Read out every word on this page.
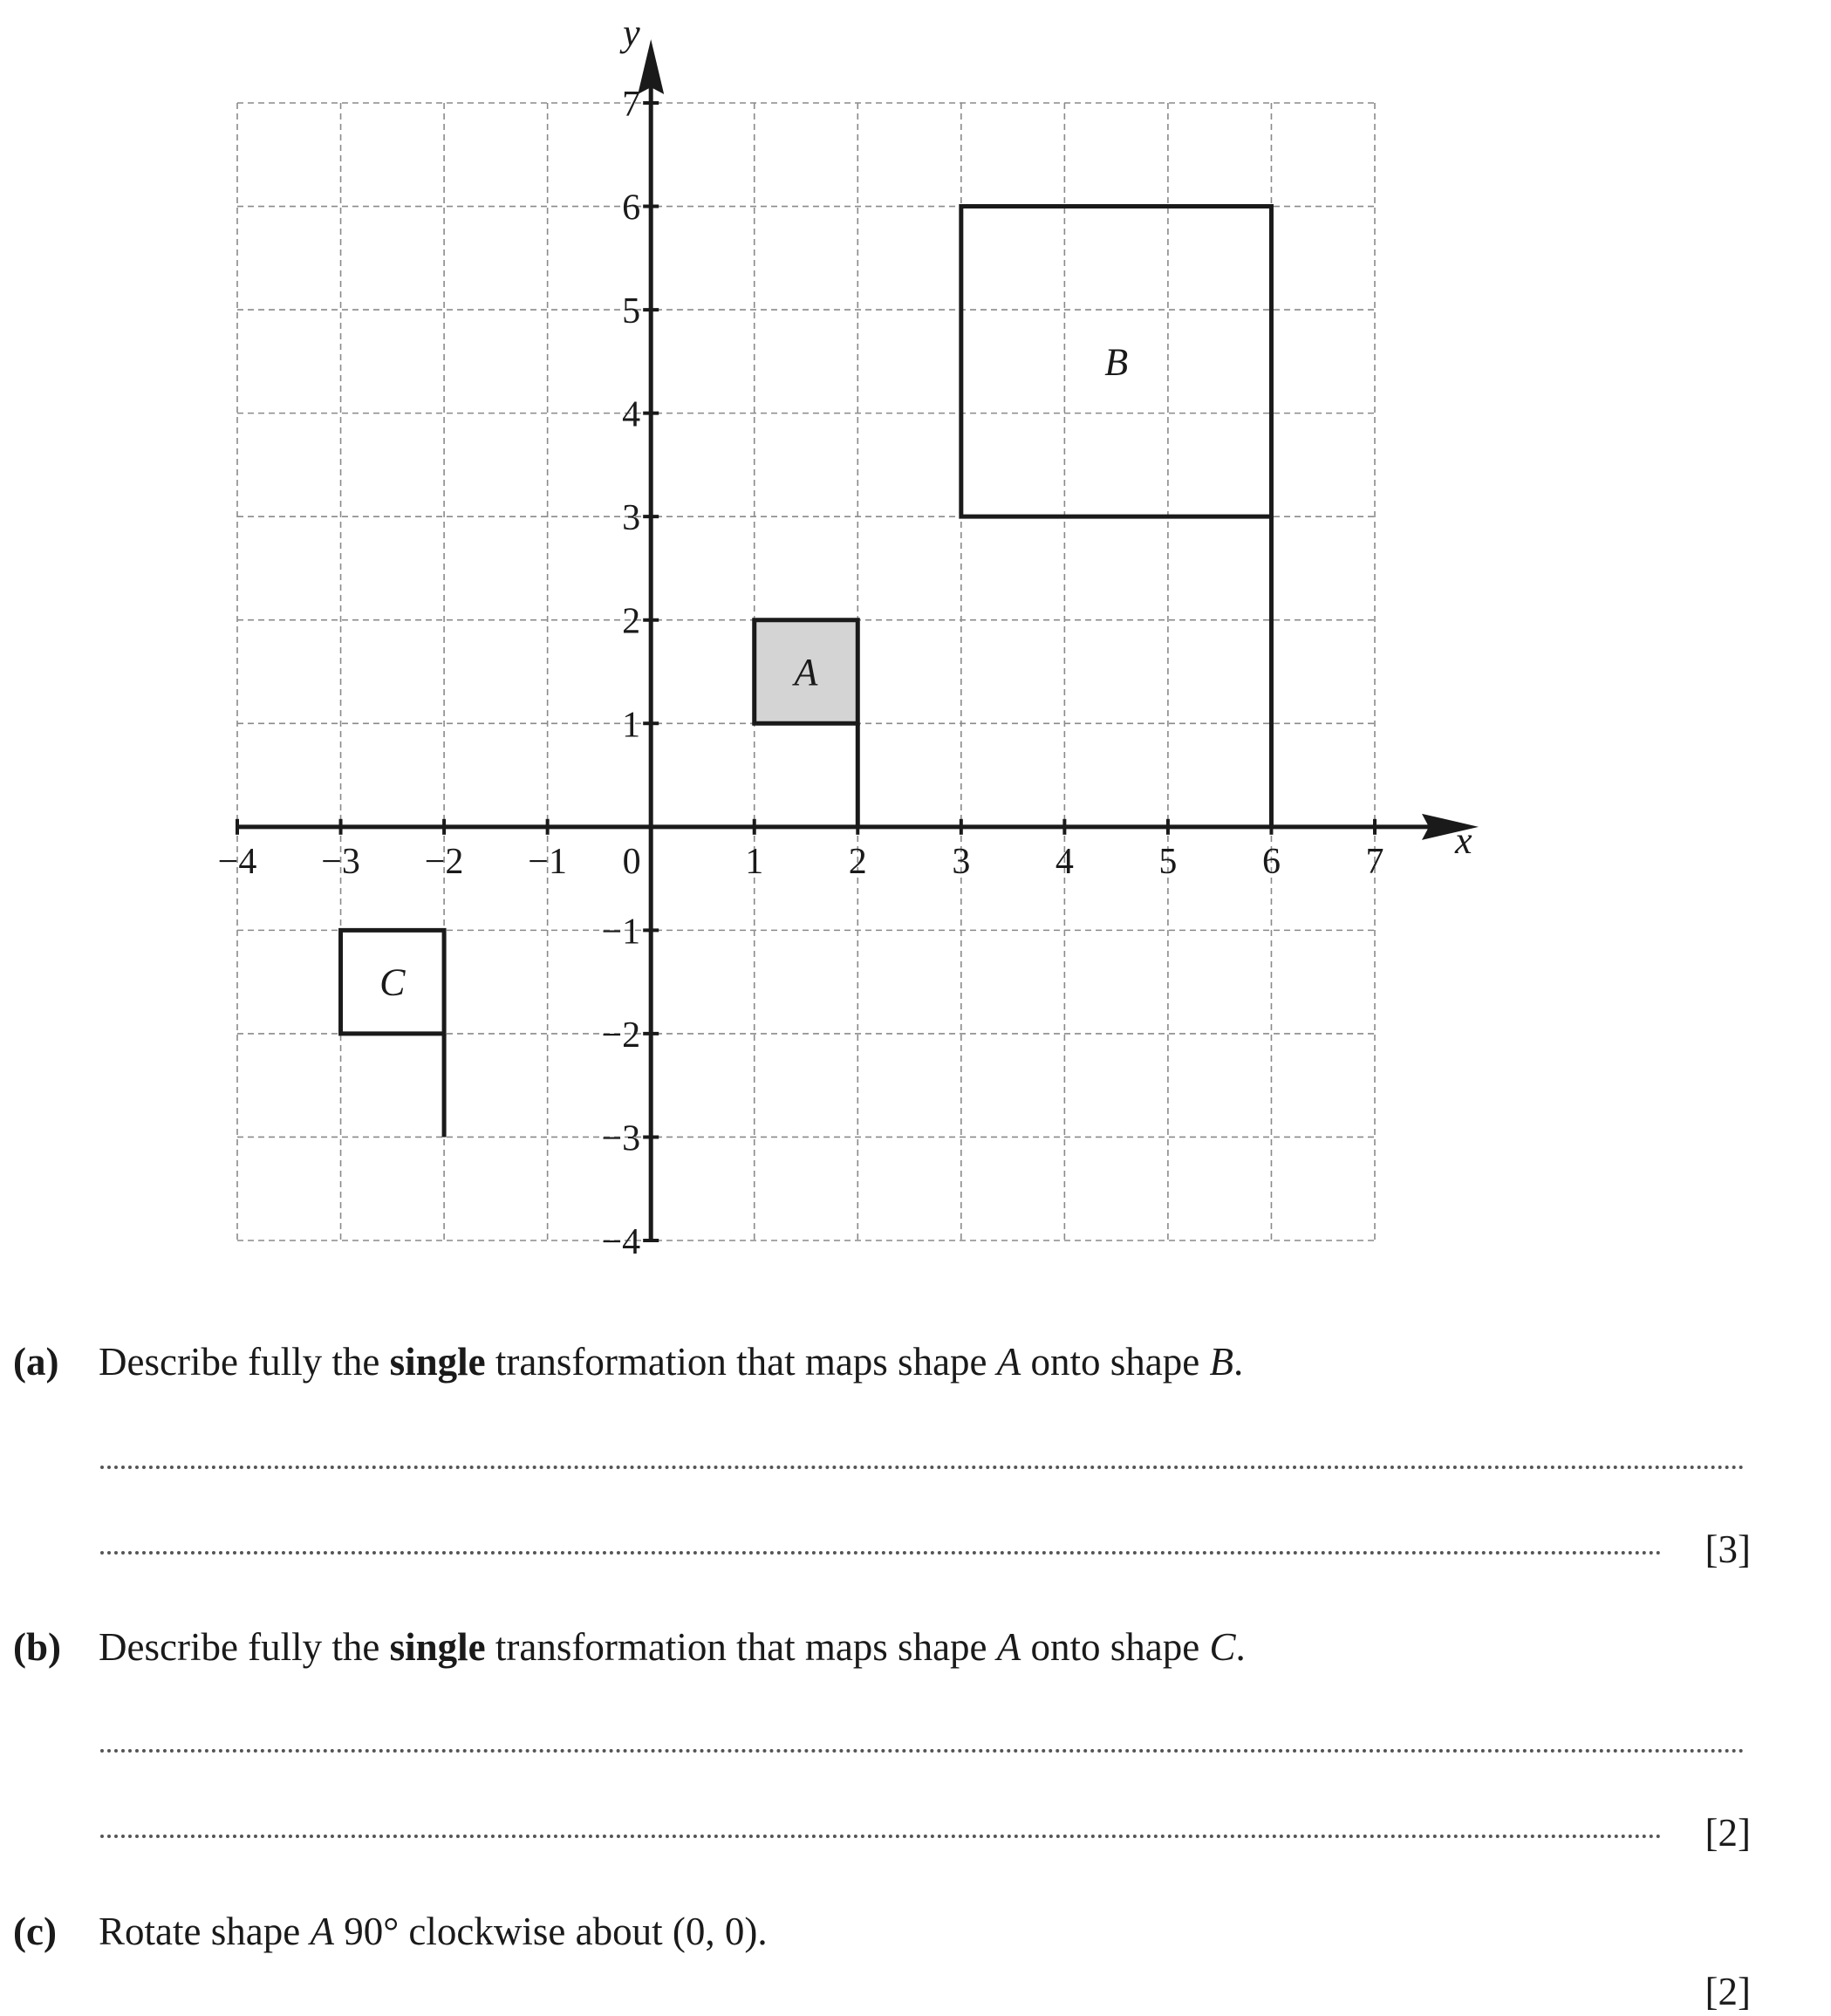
A
B
C
−4 −3 −2 −1 0	1 2 3 4 5 6 7
−4
−3
−2
−1
1
2
3
4
5
6
7
x
y
(a) Describe fully the single transformation that maps shape A onto shape B.
[3]
(b) Describe fully the single transformation that maps shape A onto shape C.
[2]
(c) Rotate shape A 90° clockwise about (0, 0).
[2]
